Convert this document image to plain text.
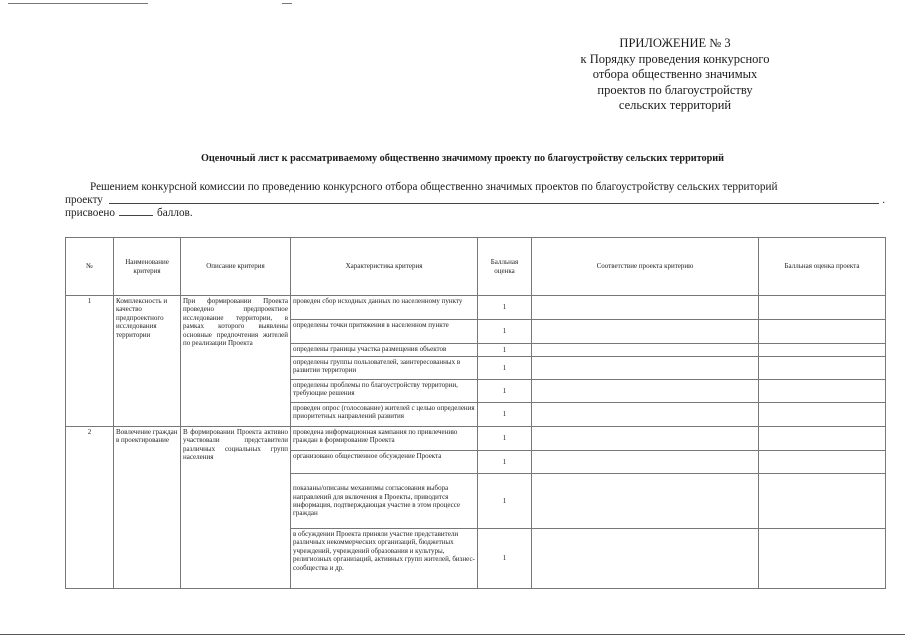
ПРИЛОЖЕНИЕ № 3
к Порядку проведения конкурсного
отбора общественно значимых
проектов по благоустройству
сельских территорий
Оценочный лист к рассматриваемому общественно значимому проекту по благоустройству сельских территорий
Решением конкурсной комиссии по проведению конкурсного отбора общественно значимых проектов по благоустройству сельских территорий
проекту	.
присвоено	баллов.
№	Наименование критерия	Описание критерия	Характеристика критерия	Балльная оценка	Соответствие проекта критерию	Балльная оценка проекта
1	Комплексность и качество предпроектного исследования территории	При формировании Проекта проведено предпроектное исследование территории, в рамках которого выявлены основные предпочтения жителей по реализации Проекта	проведен сбор исходных данных по населенному пункту	1		
			определены точки притяжения в населенном пункте	1		
			определены границы участка размещения объектов	1		
			определены группы пользователей, заинтересованных в развитии территории	1		
			определены проблемы по благоустройству территории, требующие решения	1		
			проведен опрос (голосование) жителей с целью определения приоритетных направлений развития	1		
2	Вовлечение граждан в проектирование	В формировании Проекта активно участвовали представители различных социальных групп населения	проведена информационная кампания по привлечению граждан в формирование Проекта	1		
			организовано общественное обсуждение Проекта	1		
			показаны/описаны механизмы согласования выбора направлений для включения в Проекты, приводится информация, подтверждающая участие в этом процессе граждан	1		
			в обсуждении Проекта приняли участие представители различных некоммерческих организаций, бюджетных учреждений, учреждений образования и культуры, религиозных организаций, активных групп жителей, бизнес-сообщества и др.	1		
